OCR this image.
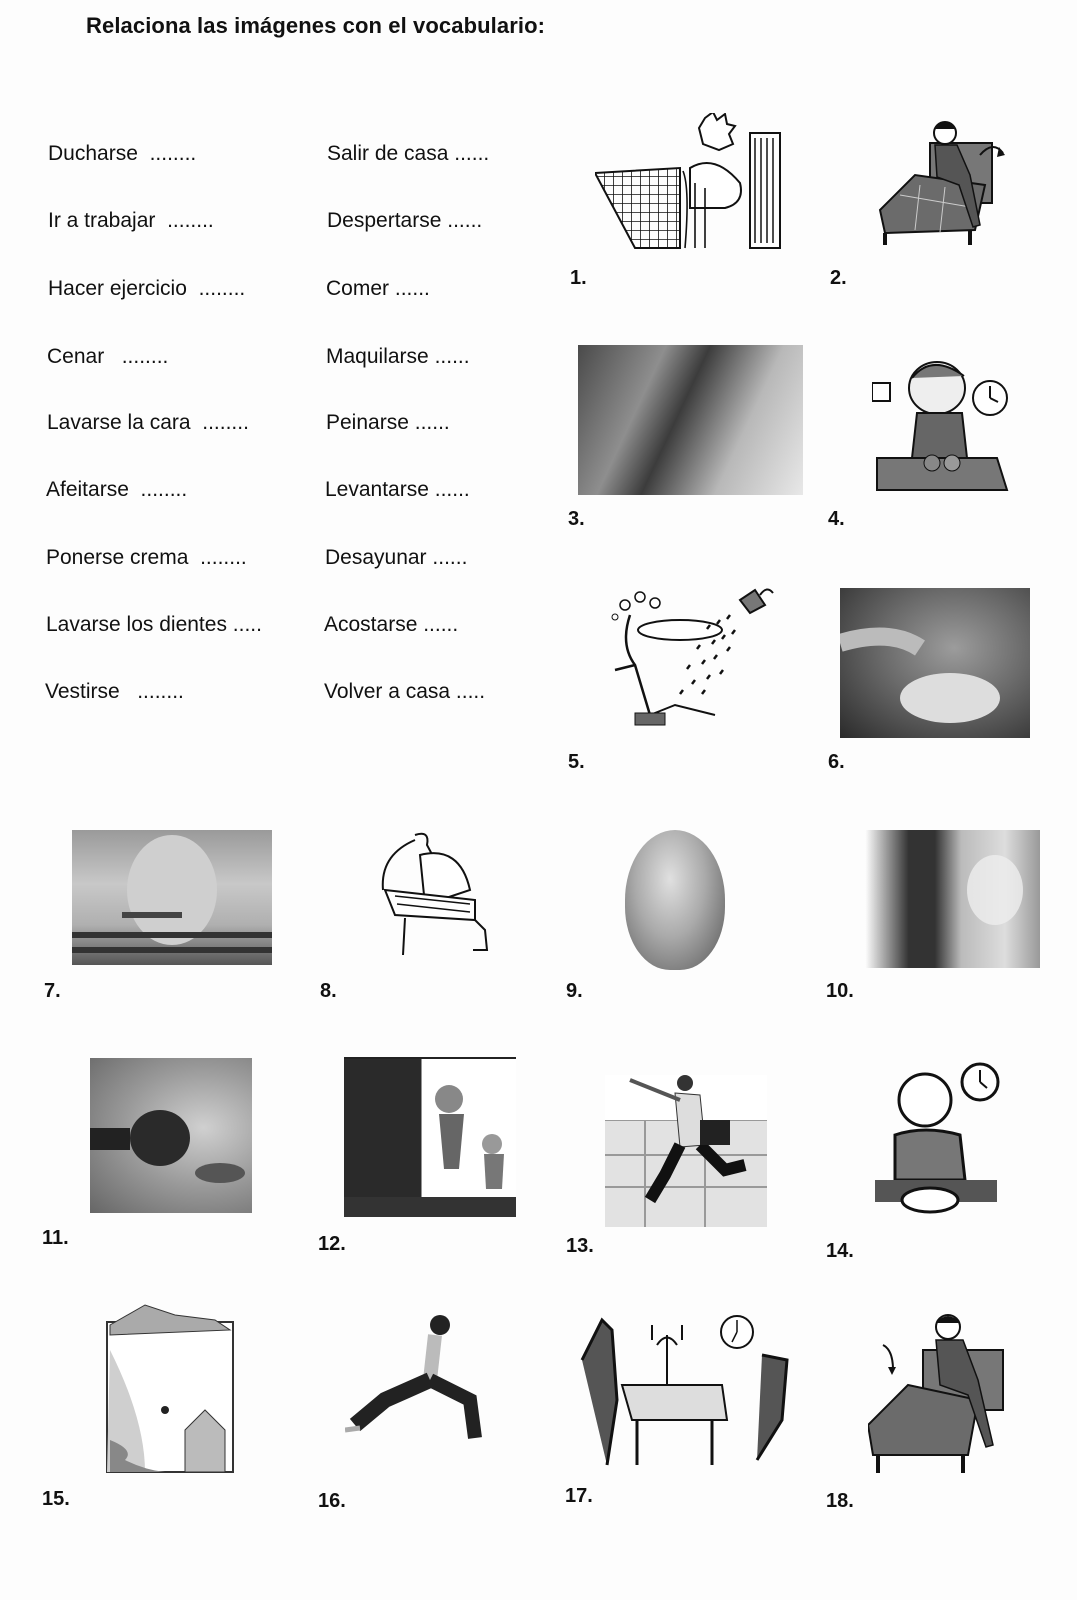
Relaciona las imágenes con el vocabulario:
Ducharse ........
Ir a trabajar ........
Hacer ejercicio ........
Cenar ........
Lavarse la cara ........
Afeitarse ........
Ponerse crema ........
Lavarse los dientes .....
Vestirse ........
Salir de casa ......
Despertarse ......
Comer ......
Maquilarse ......
Peinarse ......
Levantarse ......
Desayunar ......
Acostarse ......
Volver a casa .....
1.	2.
3.	4.
5.	6.
7.	8.	9.	10.
11.	12.	13.	14.
15.	16.	17.	18.
